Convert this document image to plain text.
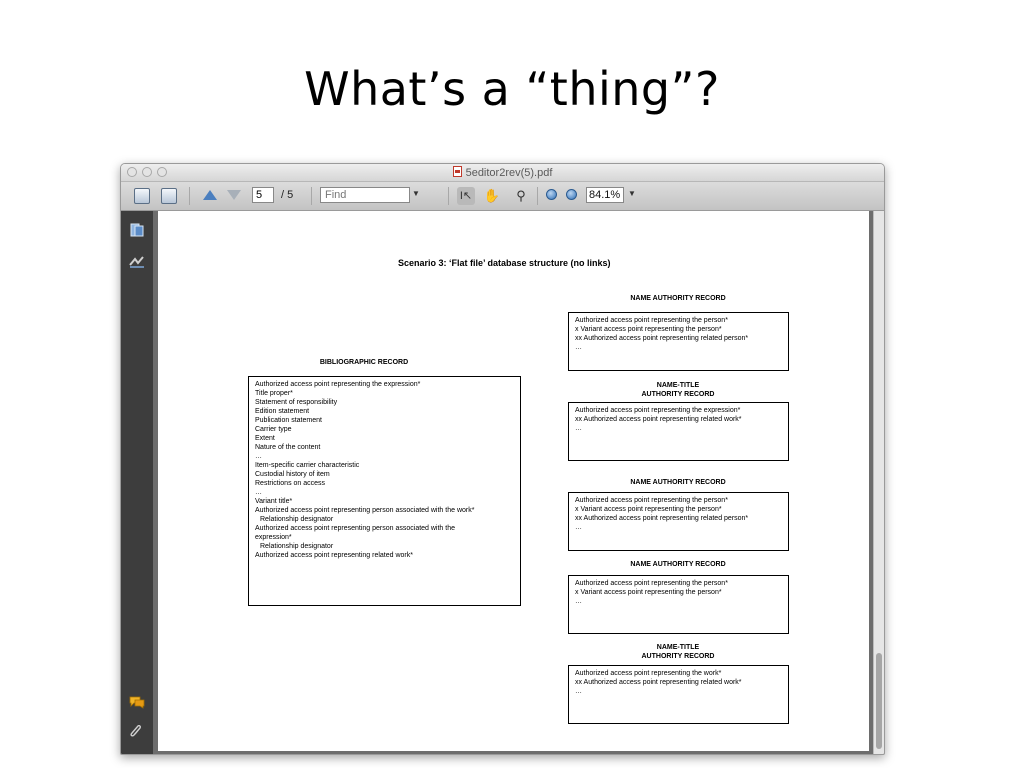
What’s a “thing”?
5editor2rev(5).pdf
5	/ 5	Find	▼	I↖ ✋	⚲	84.1% ▼
Scenario 3: ‘Flat file’ database structure (no links)
BIBLIOGRAPHIC RECORD
Authorized access point representing the expression*
Title proper*
Statement of responsibility
Edition statement
Publication statement
Carrier type
Extent
Nature of the content
…
Item-specific carrier characteristic
Custodial history of item
Restrictions on access
…
Variant title*
Authorized access point representing person associated with the work*
Relationship designator
Authorized access point representing person associated with the
expression*
Relationship designator
Authorized access point representing related work*
NAME AUTHORITY RECORD
Authorized access point representing the person*
x Variant access point representing the person*
xx Authorized access point representing related person*
…
NAME-TITLE
AUTHORITY RECORD
Authorized access point representing the expression*
xx Authorized access point representing related work*
…
NAME AUTHORITY RECORD
Authorized access point representing the person*
x Variant access point representing the person*
xx Authorized access point representing related person*
…
NAME AUTHORITY RECORD
Authorized access point representing the person*
x Variant access point representing the person*
…
NAME-TITLE
AUTHORITY RECORD
Authorized access point representing the work*
xx Authorized access point representing related work*
…
